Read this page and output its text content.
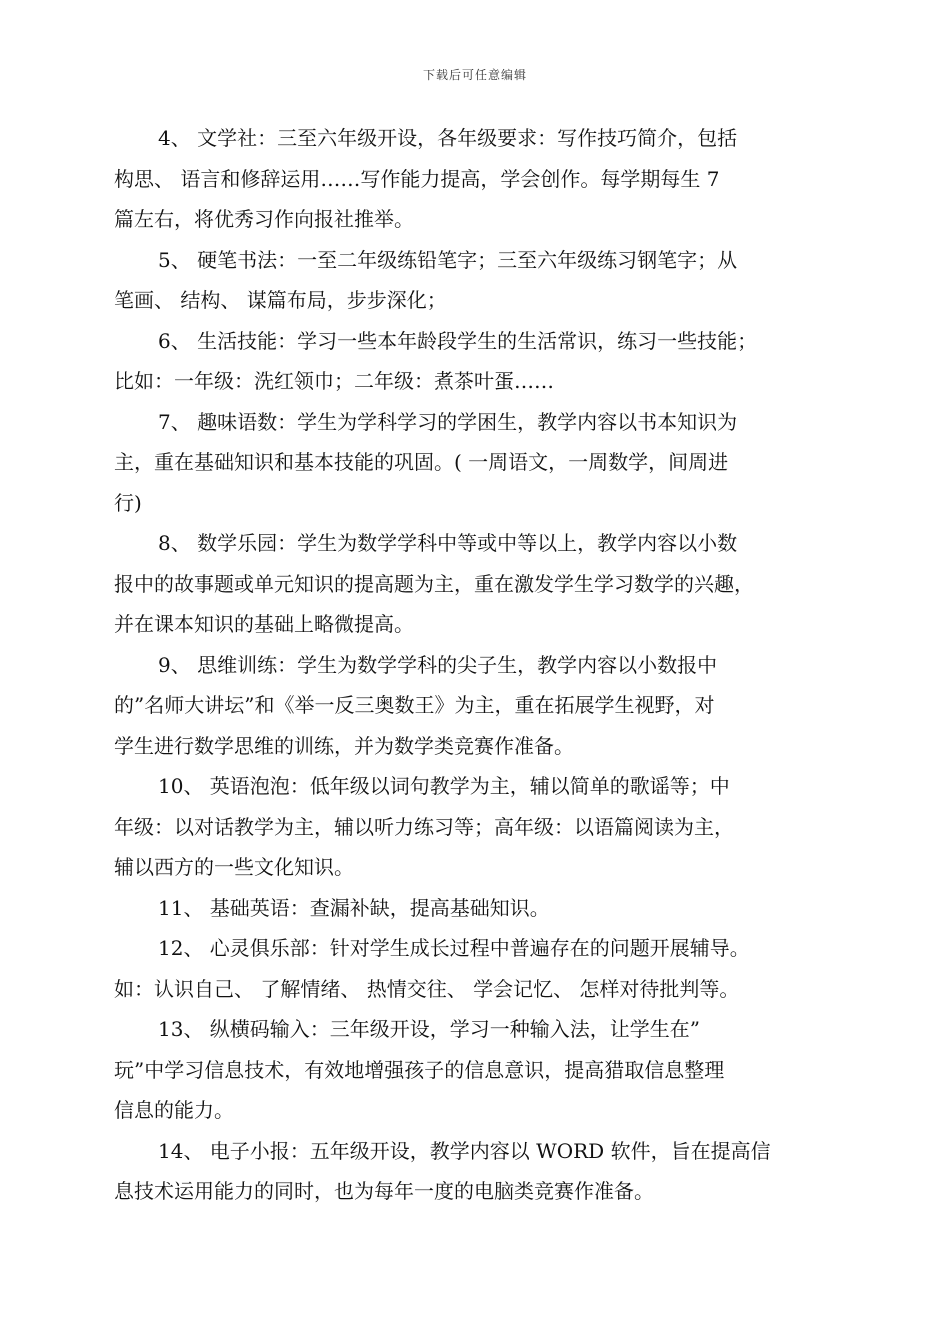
下载后可任意编辑
4、 文学社：三至六年级开设，各年级要求：写作技巧简介，包括
构思、 语言和修辞运用……写作能力提高，学会创作。每学期每生 7
篇左右，将优秀习作向报社推举。
5、 硬笔书法：一至二年级练铅笔字；三至六年级练习钢笔字；从
笔画、 结构、 谋篇布局，步步深化；
6、 生活技能：学习一些本年龄段学生的生活常识，练习一些技能；
比如：一年级：洗红领巾；二年级：煮茶叶蛋……
7、 趣味语数：学生为学科学习的学困生，教学内容以书本知识为
主，重在基础知识和基本技能的巩固。( 一周语文，一周数学，间周进
行)
8、 数学乐园：学生为数学学科中等或中等以上，教学内容以小数
报中的故事题或单元知识的提高题为主，重在激发学生学习数学的兴趣，
并在课本知识的基础上略微提高。
9、 思维训练：学生为数学学科的尖子生，教学内容以小数报中
的”名师大讲坛”和《举一反三奥数王》为主，重在拓展学生视野，对
学生进行数学思维的训练，并为数学类竞赛作准备。
10、 英语泡泡：低年级以词句教学为主，辅以简单的歌谣等；中
年级：以对话教学为主，辅以听力练习等；高年级：以语篇阅读为主，
辅以西方的一些文化知识。
11、 基础英语：查漏补缺，提高基础知识。
12、 心灵俱乐部：针对学生成长过程中普遍存在的问题开展辅导。
如：认识自己、 了解情绪、 热情交往、 学会记忆、 怎样对待批判等。
13、 纵横码输入：三年级开设，学习一种输入法，让学生在”
玩”中学习信息技术，有效地增强孩子的信息意识，提高猎取信息整理
信息的能力。
14、 电子小报：五年级开设，教学内容以 WORD 软件，旨在提高信
息技术运用能力的同时，也为每年一度的电脑类竞赛作准备。
